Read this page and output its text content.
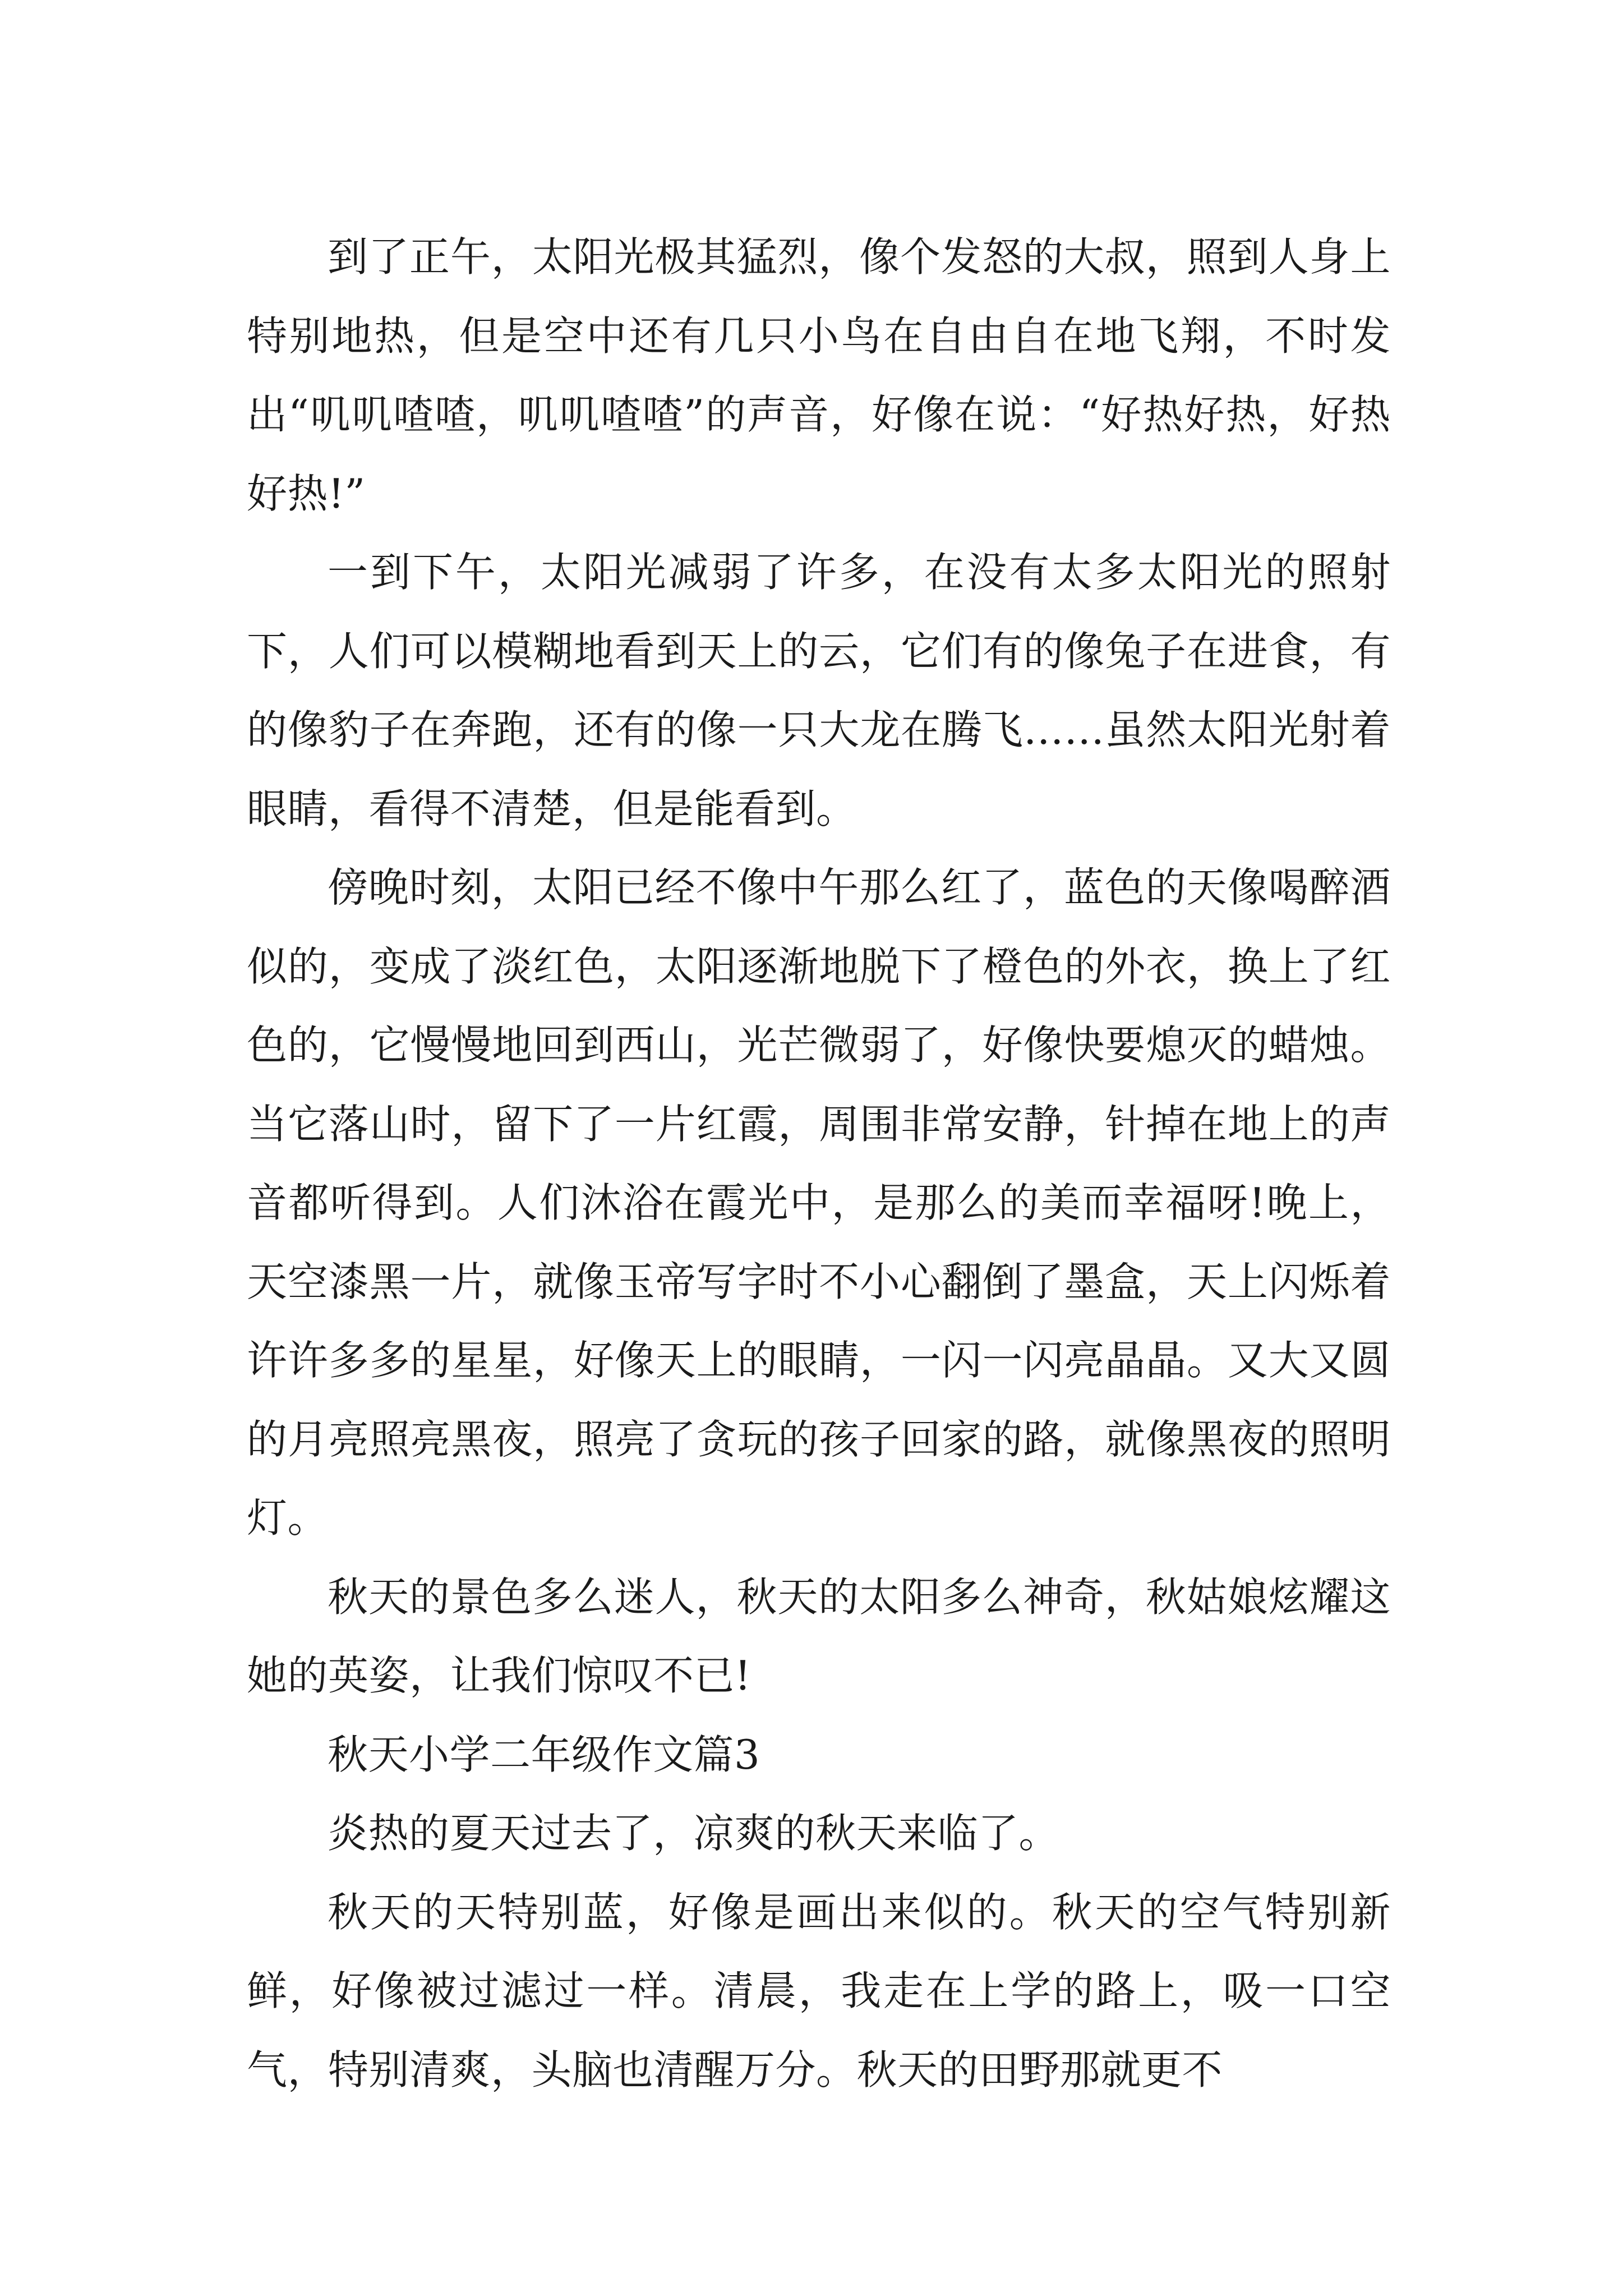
到了正午，太阳光极其猛烈，像个发怒的大叔，照到人身上特别地热，但是空中还有几只小鸟在自由自在地飞翔，不时发出“叽叽喳喳，叽叽喳喳”的声音，好像在说：“好热好热，好热好热!”

一到下午，太阳光减弱了许多，在没有太多太阳光的照射下，人们可以模糊地看到天上的云，它们有的像兔子在进食，有的像豹子在奔跑，还有的像一只大龙在腾飞……虽然太阳光射着眼睛，看得不清楚，但是能看到。

傍晚时刻，太阳已经不像中午那么红了，蓝色的天像喝醉酒似的，变成了淡红色，太阳逐渐地脱下了橙色的外衣，换上了红色的，它慢慢地回到西山，光芒微弱了，好像快要熄灭的蜡烛。当它落山时，留下了一片红霞，周围非常安静，针掉在地上的声音都听得到。人们沐浴在霞光中，是那么的美而幸福呀!晚上，天空漆黑一片，就像玉帝写字时不小心翻倒了墨盒，天上闪烁着许许多多的星星，好像天上的眼睛，一闪一闪亮晶晶。又大又圆的月亮照亮黑夜，照亮了贪玩的孩子回家的路，就像黑夜的照明灯。

秋天的景色多么迷人，秋天的太阳多么神奇，秋姑娘炫耀这她的英姿，让我们惊叹不已!

秋天小学二年级作文篇3

炎热的夏天过去了，凉爽的秋天来临了。

秋天的天特别蓝，好像是画出来似的。秋天的空气特别新鲜，好像被过滤过一样。清晨，我走在上学的路上，吸一口空气，特别清爽，头脑也清醒万分。秋天的田野那就更不
